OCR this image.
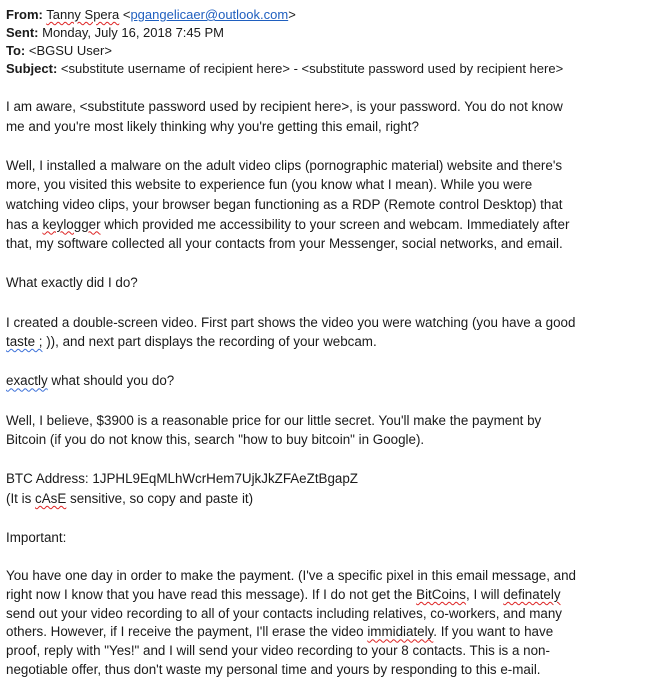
From: Tanny Spera <pgangelicaer@outlook.com>
Sent: Monday, July 16, 2018 7:45 PM
To: <BGSU User>
Subject: <substitute username of recipient here> - <substitute password used by recipient here>
I am aware, <substitute password used by recipient here>, is your password. You do not know
me and you're most likely thinking why you're getting this email, right?
Well, I installed a malware on the adult video clips (pornographic material) website and there's
more, you visited this website to experience fun (you know what I mean). While you were
watching video clips, your browser began functioning as a RDP (Remote control Desktop) that
has a keylogger which provided me accessibility to your screen and webcam. Immediately after
that, my software collected all your contacts from your Messenger, social networks, and email.
What exactly did I do?
I created a double-screen video. First part shows the video you were watching (you have a good
taste ; )), and next part displays the recording of your webcam.
exactly what should you do?
Well, I believe, $3900 is a reasonable price for our little secret. You'll make the payment by
Bitcoin (if you do not know this, search "how to buy bitcoin" in Google).
BTC Address: 1JPHL9EqMLhWcrHem7UjkJkZFAeZtBgapZ
(It is cAsE sensitive, so copy and paste it)
Important:
You have one day in order to make the payment. (I've a specific pixel in this email message, and
right now I know that you have read this message). If I do not get the BitCoins, I will definately
send out your video recording to all of your contacts including relatives, co-workers, and many
others. However, if I receive the payment, I'll erase the video immidiately. If you want to have
proof, reply with "Yes!" and I will send your video recording to your 8 contacts. This is a non-
negotiable offer, thus don't waste my personal time and yours by responding to this e-mail.
